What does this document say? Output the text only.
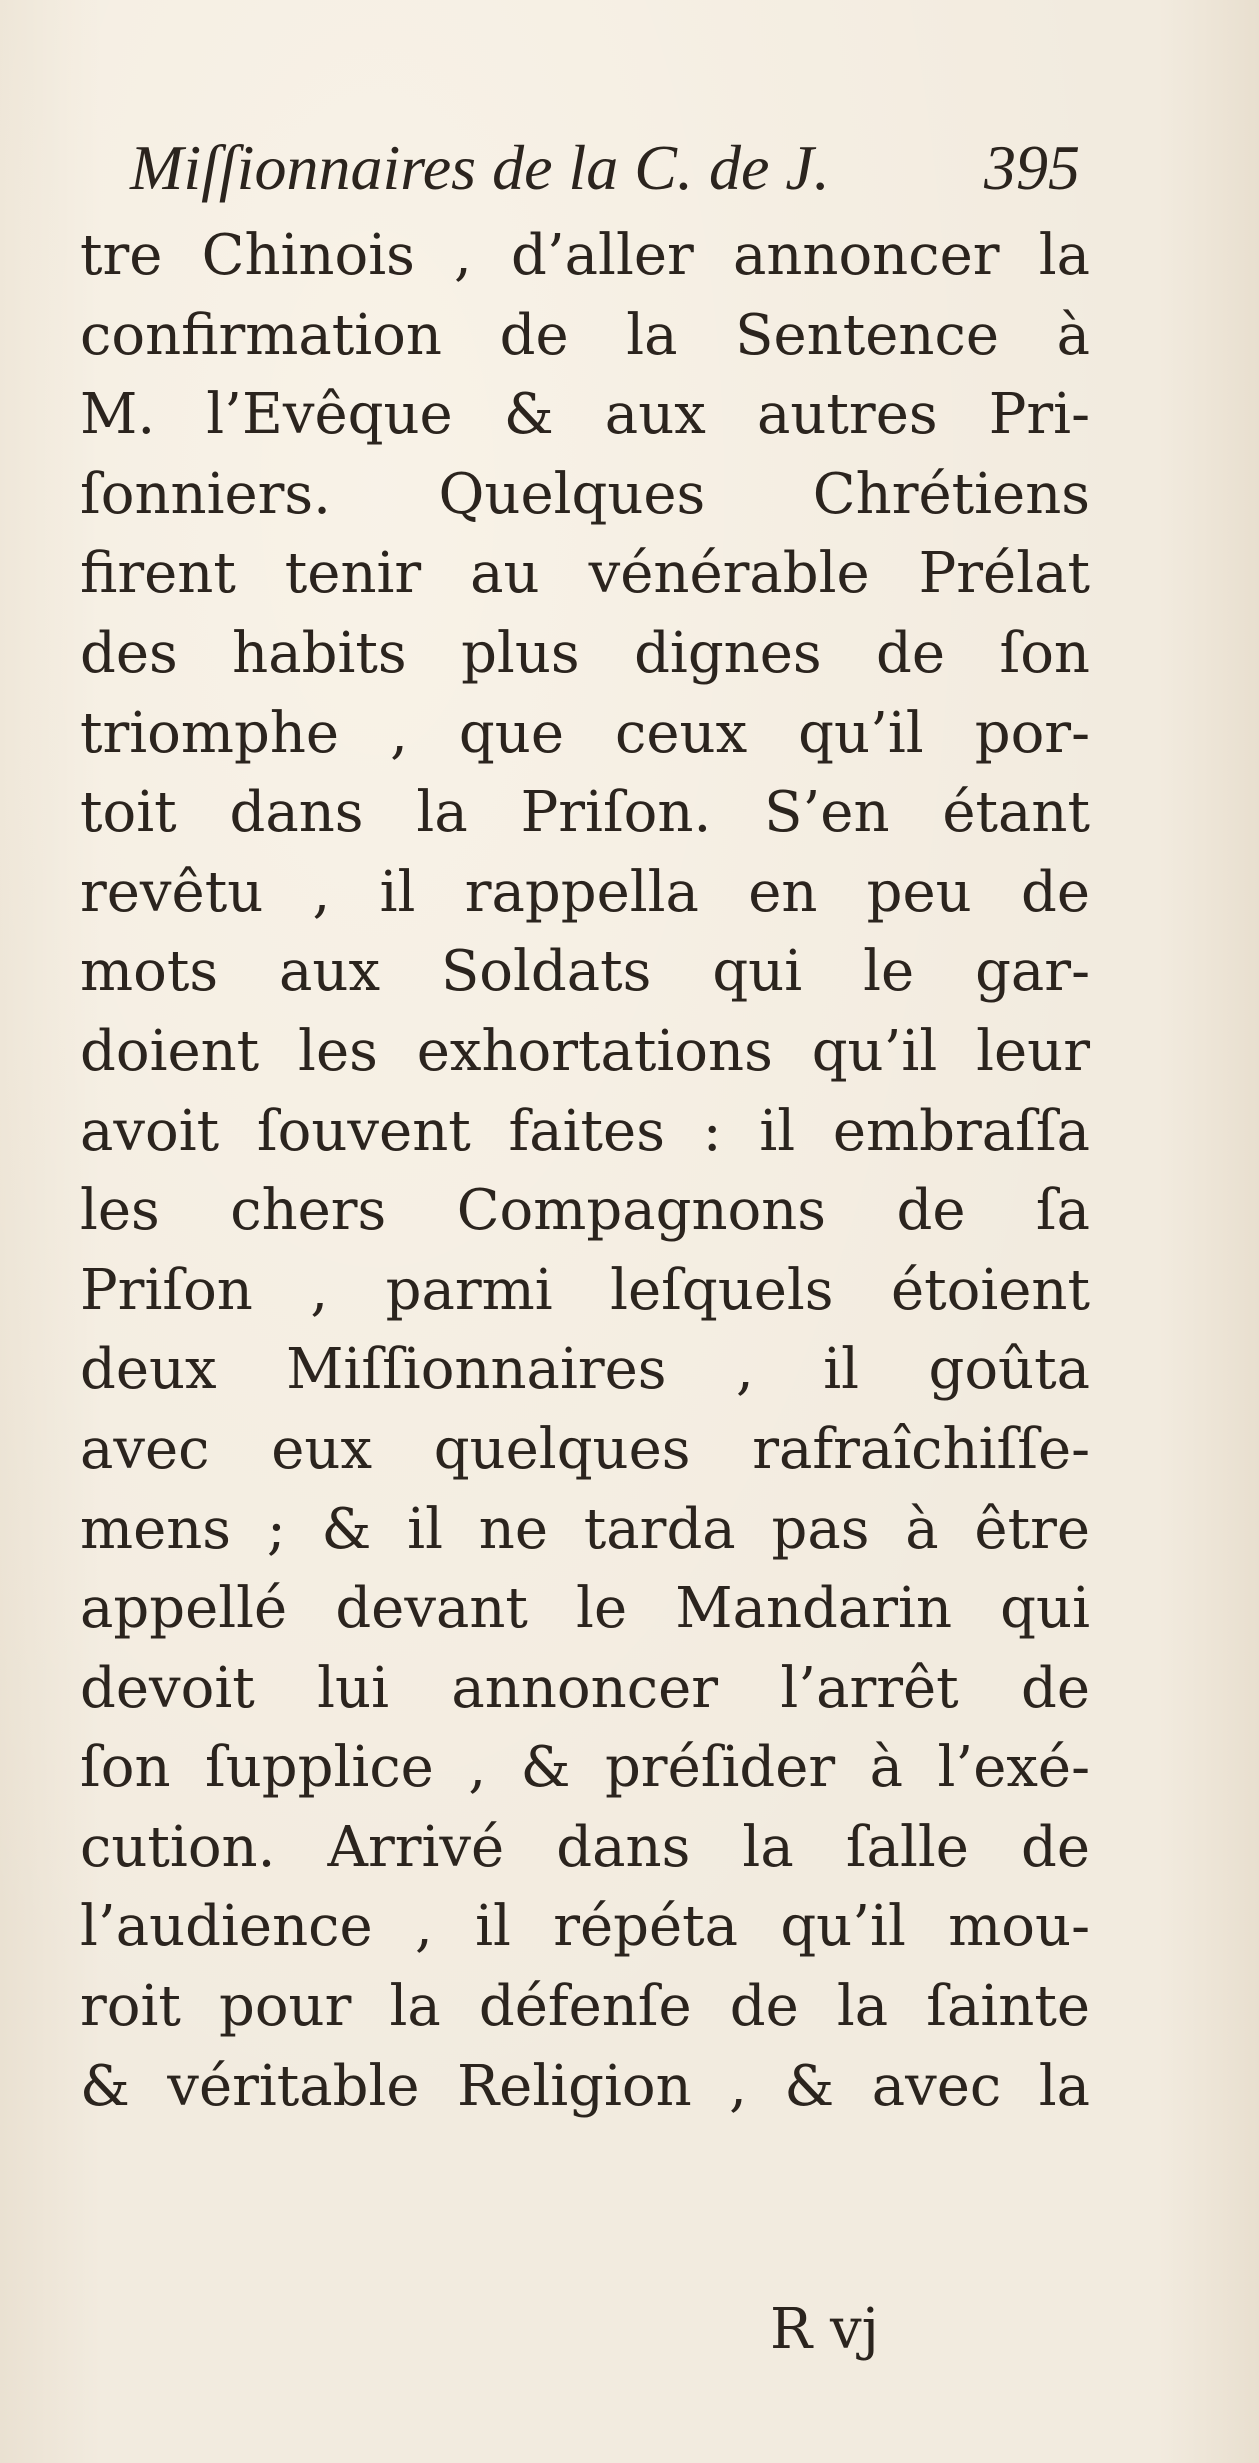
Miſſionnaires de la C. de J. 395
tre Chinois , d’aller annoncer la
confirmation de la Sentence à
M. l’Evêque & aux autres Pri-
ſonniers. Quelques Chrétiens
firent tenir au vénérable Prélat
des habits plus dignes de ſon
triomphe , que ceux qu’il por-
toit dans la Priſon. S’en étant
revêtu , il rappella en peu de
mots aux Soldats qui le gar-
doient les exhortations qu’il leur
avoit ſouvent faites : il embraſſa
les chers Compagnons de ſa
Priſon , parmi leſquels étoient
deux Miſſionnaires , il goûta
avec eux quelques rafraîchiſſe-
mens ; & il ne tarda pas à être
appellé devant le Mandarin qui
devoit lui annoncer l’arrêt de
ſon ſupplice , & préſider à l’exé-
cution. Arrivé dans la ſalle de
l’audience , il répéta qu’il mou-
roit pour la défenſe de la ſainte
& véritable Religion , & avec la
R vj
